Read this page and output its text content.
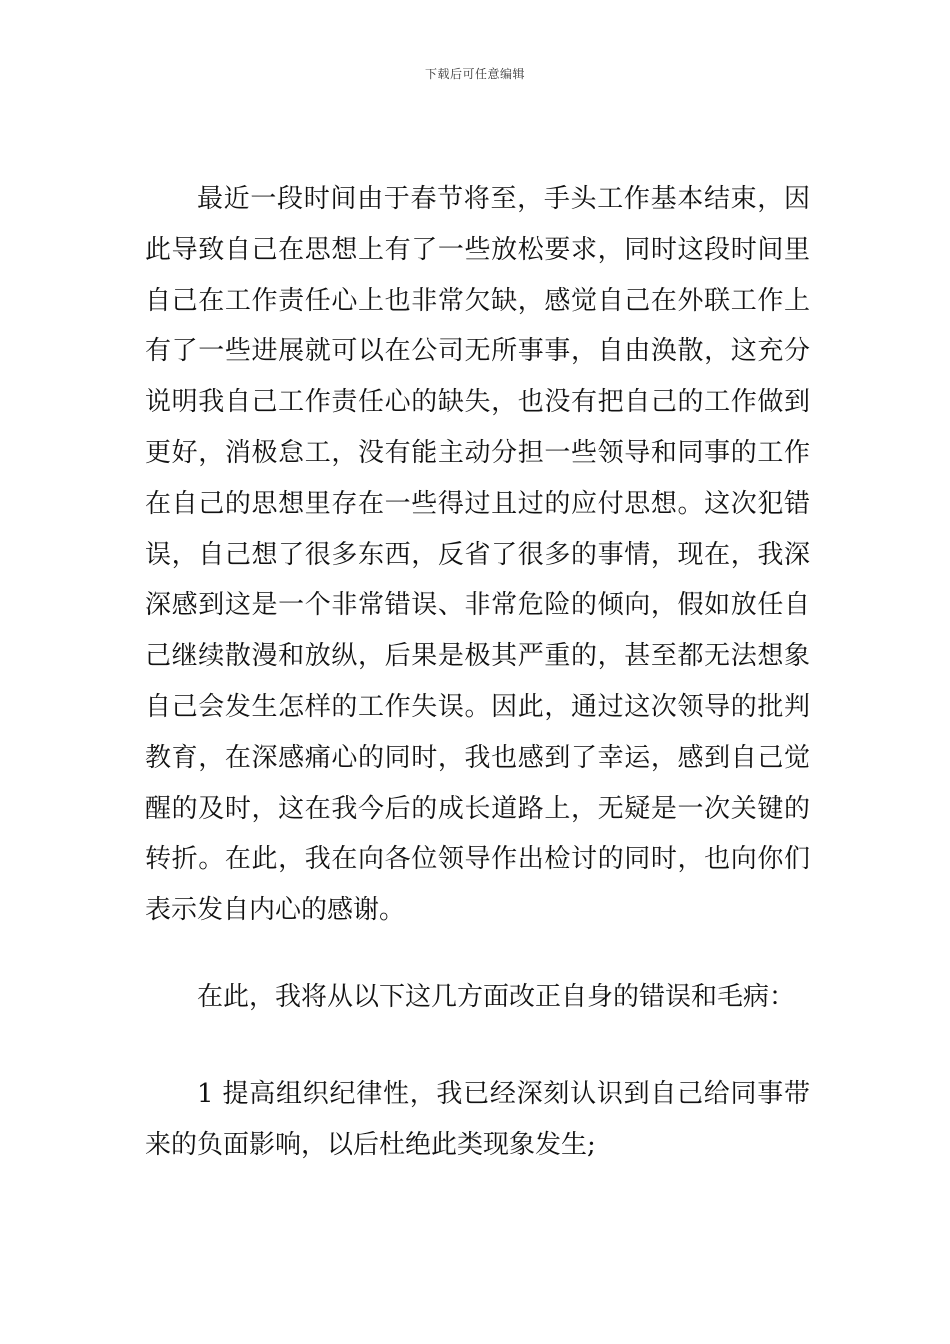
下载后可任意编辑

最近一段时间由于春节将至，手头工作基本结束，因此导致自己在思想上有了一些放松要求，同时这段时间里自己在工作责任心上也非常欠缺，感觉自己在外联工作上有了一些进展就可以在公司无所事事，自由涣散，这充分说明我自己工作责任心的缺失，也没有把自己的工作做到更好，消极怠工，没有能主动分担一些领导和同事的工作在自己的思想里存在一些得过且过的应付思想。这次犯错误，自己想了很多东西，反省了很多的事情，现在，我深深感到这是一个非常错误、非常危险的倾向，假如放任自己继续散漫和放纵，后果是极其严重的，甚至都无法想象自己会发生怎样的工作失误。因此，通过这次领导的批判教育，在深感痛心的同时，我也感到了幸运，感到自己觉醒的及时，这在我今后的成长道路上，无疑是一次关键的转折。在此，我在向各位领导作出检讨的同时，也向你们表示发自内心的感谢。

在此，我将从以下这几方面改正自身的错误和毛病：

1 提高组织纪律性，我已经深刻认识到自己给同事带来的负面影响，以后杜绝此类现象发生;
